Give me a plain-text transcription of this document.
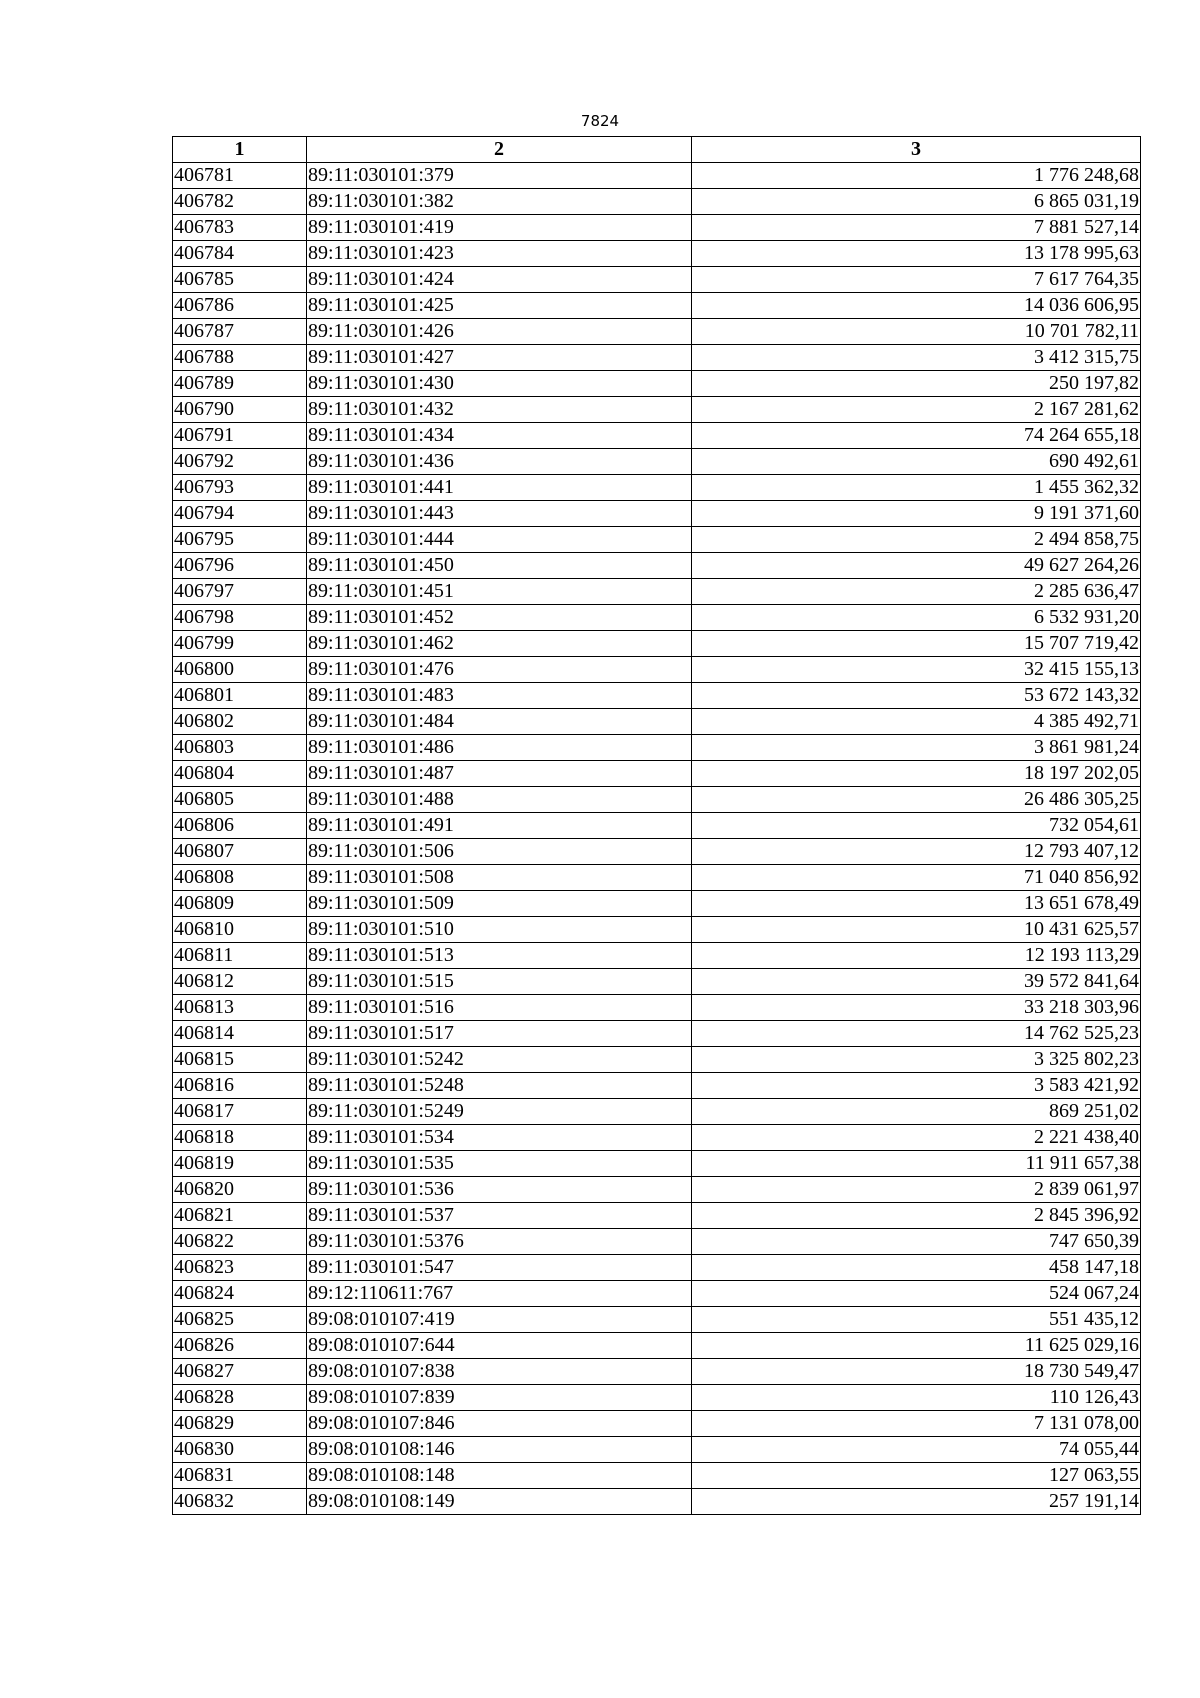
7824
1	2	3
406781	89:11:030101:379	1 776 248,68
406782	89:11:030101:382	6 865 031,19
406783	89:11:030101:419	7 881 527,14
406784	89:11:030101:423	13 178 995,63
406785	89:11:030101:424	7 617 764,35
406786	89:11:030101:425	14 036 606,95
406787	89:11:030101:426	10 701 782,11
406788	89:11:030101:427	3 412 315,75
406789	89:11:030101:430	250 197,82
406790	89:11:030101:432	2 167 281,62
406791	89:11:030101:434	74 264 655,18
406792	89:11:030101:436	690 492,61
406793	89:11:030101:441	1 455 362,32
406794	89:11:030101:443	9 191 371,60
406795	89:11:030101:444	2 494 858,75
406796	89:11:030101:450	49 627 264,26
406797	89:11:030101:451	2 285 636,47
406798	89:11:030101:452	6 532 931,20
406799	89:11:030101:462	15 707 719,42
406800	89:11:030101:476	32 415 155,13
406801	89:11:030101:483	53 672 143,32
406802	89:11:030101:484	4 385 492,71
406803	89:11:030101:486	3 861 981,24
406804	89:11:030101:487	18 197 202,05
406805	89:11:030101:488	26 486 305,25
406806	89:11:030101:491	732 054,61
406807	89:11:030101:506	12 793 407,12
406808	89:11:030101:508	71 040 856,92
406809	89:11:030101:509	13 651 678,49
406810	89:11:030101:510	10 431 625,57
406811	89:11:030101:513	12 193 113,29
406812	89:11:030101:515	39 572 841,64
406813	89:11:030101:516	33 218 303,96
406814	89:11:030101:517	14 762 525,23
406815	89:11:030101:5242	3 325 802,23
406816	89:11:030101:5248	3 583 421,92
406817	89:11:030101:5249	869 251,02
406818	89:11:030101:534	2 221 438,40
406819	89:11:030101:535	11 911 657,38
406820	89:11:030101:536	2 839 061,97
406821	89:11:030101:537	2 845 396,92
406822	89:11:030101:5376	747 650,39
406823	89:11:030101:547	458 147,18
406824	89:12:110611:767	524 067,24
406825	89:08:010107:419	551 435,12
406826	89:08:010107:644	11 625 029,16
406827	89:08:010107:838	18 730 549,47
406828	89:08:010107:839	110 126,43
406829	89:08:010107:846	7 131 078,00
406830	89:08:010108:146	74 055,44
406831	89:08:010108:148	127 063,55
406832	89:08:010108:149	257 191,14
